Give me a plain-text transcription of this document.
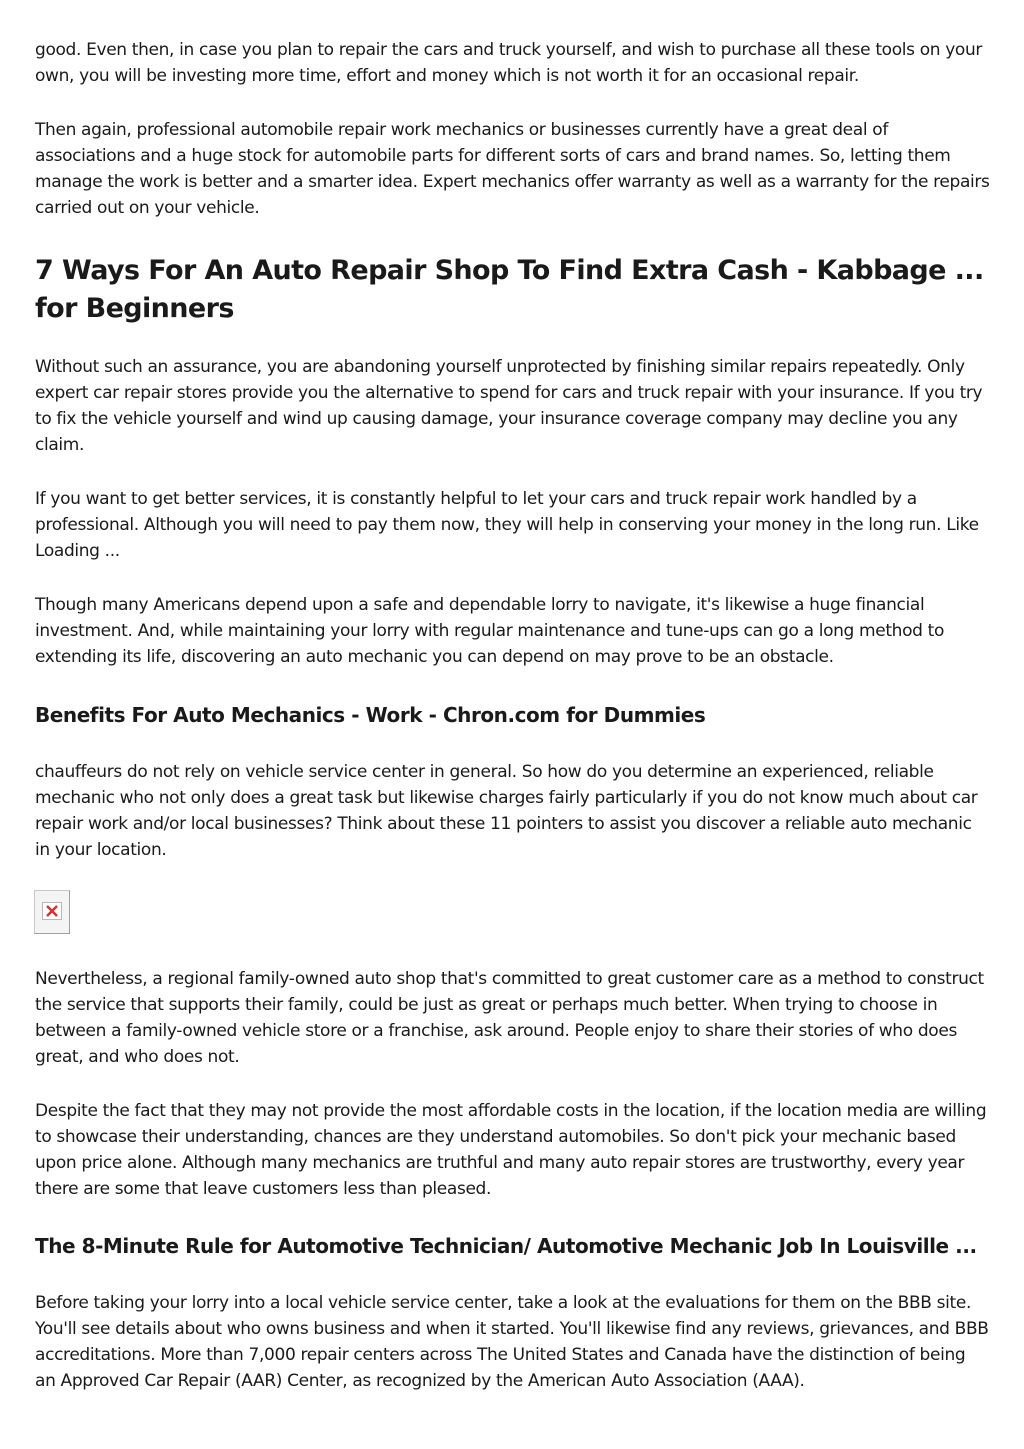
good. Even then, in case you plan to repair the cars and truck yourself, and wish to purchase all these tools on your own, you will be investing more time, effort and money which is not worth it for an occasional repair.

Then again, professional automobile repair work mechanics or businesses currently have a great deal of associations and a huge stock for automobile parts for different sorts of cars and brand names. So, letting them manage the work is better and a smarter idea. Expert mechanics offer warranty as well as a warranty for the repairs carried out on your vehicle.

7 Ways For An Auto Repair Shop To Find Extra Cash - Kabbage ... for Beginners

Without such an assurance, you are abandoning yourself unprotected by finishing similar repairs repeatedly. Only expert car repair stores provide you the alternative to spend for cars and truck repair with your insurance. If you try to fix the vehicle yourself and wind up causing damage, your insurance coverage company may decline you any claim.

If you want to get better services, it is constantly helpful to let your cars and truck repair work handled by a professional. Although you will need to pay them now, they will help in conserving your money in the long run. Like Loading ...

Though many Americans depend upon a safe and dependable lorry to navigate, it's likewise a huge financial investment. And, while maintaining your lorry with regular maintenance and tune-ups can go a long method to extending its life, discovering an auto mechanic you can depend on may prove to be an obstacle.

Benefits For Auto Mechanics - Work - Chron.com for Dummies

chauffeurs do not rely on vehicle service center in general. So how do you determine an experienced, reliable mechanic who not only does a great task but likewise charges fairly particularly if you do not know much about car repair work and/or local businesses? Think about these 11 pointers to assist you discover a reliable auto mechanic in your location.

Nevertheless, a regional family-owned auto shop that's committed to great customer care as a method to construct the service that supports their family, could be just as great or perhaps much better. When trying to choose in between a family-owned vehicle store or a franchise, ask around. People enjoy to share their stories of who does great, and who does not.

Despite the fact that they may not provide the most affordable costs in the location, if the location media are willing to showcase their understanding, chances are they understand automobiles. So don't pick your mechanic based upon price alone. Although many mechanics are truthful and many auto repair stores are trustworthy, every year there are some that leave customers less than pleased.

The 8-Minute Rule for Automotive Technician/ Automotive Mechanic Job In Louisville ...

Before taking your lorry into a local vehicle service center, take a look at the evaluations for them on the BBB site. You'll see details about who owns business and when it started. You'll likewise find any reviews, grievances, and BBB accreditations. More than 7,000 repair centers across The United States and Canada have the distinction of being an Approved Car Repair (AAR) Center, as recognized by the American Auto Association (AAA).
